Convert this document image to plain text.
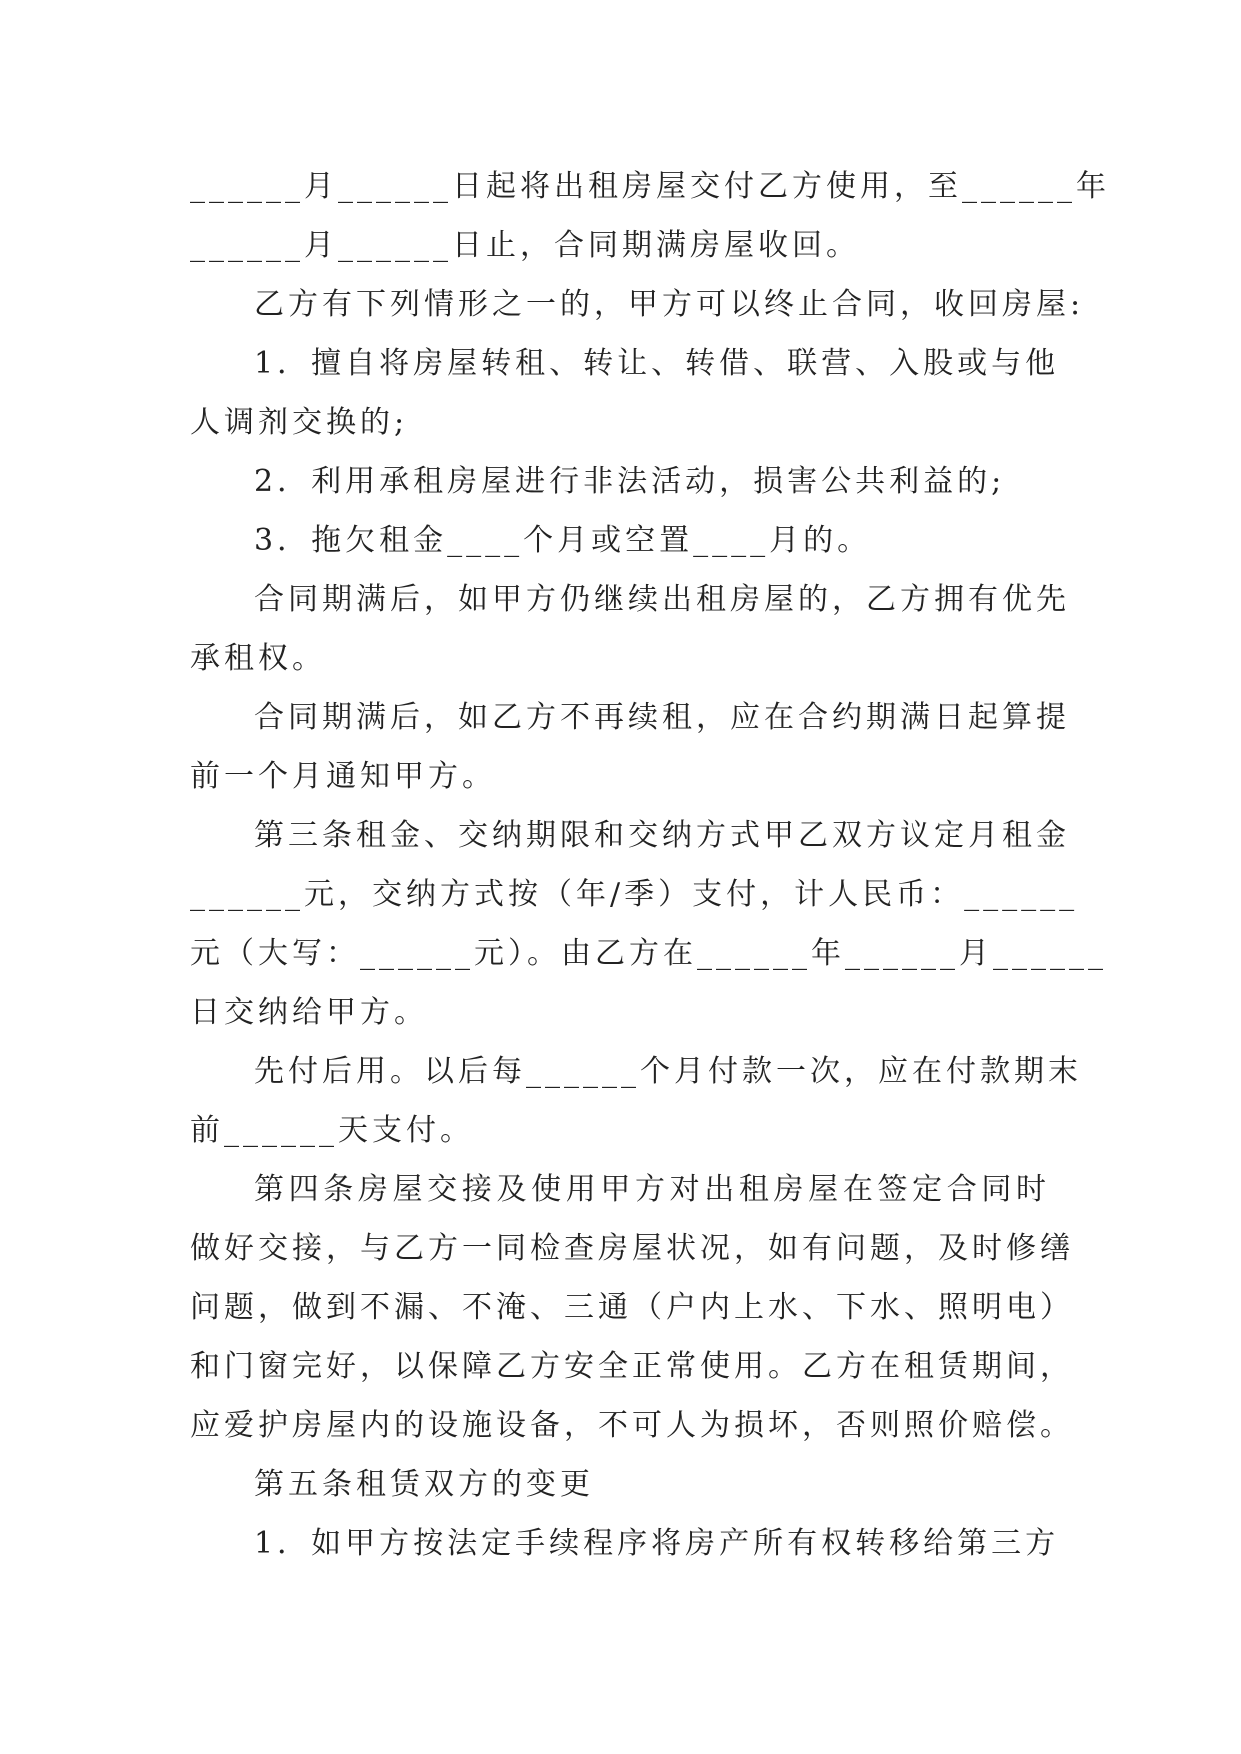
______月______日起将出租房屋交付乙方使用，至______年
______月______日止，合同期满房屋收回。
乙方有下列情形之一的，甲方可以终止合同，收回房屋:
1．擅自将房屋转租、转让、转借、联营、入股或与他
人调剂交换的;
2．利用承租房屋进行非法活动，损害公共利益的;
3．拖欠租金____个月或空置____月的。
合同期满后，如甲方仍继续出租房屋的，乙方拥有优先
承租权。
合同期满后，如乙方不再续租，应在合约期满日起算提
前一个月通知甲方。
第三条租金、交纳期限和交纳方式甲乙双方议定月租金
______元，交纳方式按（年/季）支付，计人民币：______
元（大写：______元）。由乙方在______年______月______
日交纳给甲方。
先付后用。以后每______个月付款一次，应在付款期末
前______天支付。
第四条房屋交接及使用甲方对出租房屋在签定合同时
做好交接，与乙方一同检查房屋状况，如有问题，及时修缮
问题，做到不漏、不淹、三通（户内上水、下水、照明电）
和门窗完好，以保障乙方安全正常使用。乙方在租赁期间，
应爱护房屋内的设施设备，不可人为损坏，否则照价赔偿。
第五条租赁双方的变更
1．如甲方按法定手续程序将房产所有权转移给第三方
